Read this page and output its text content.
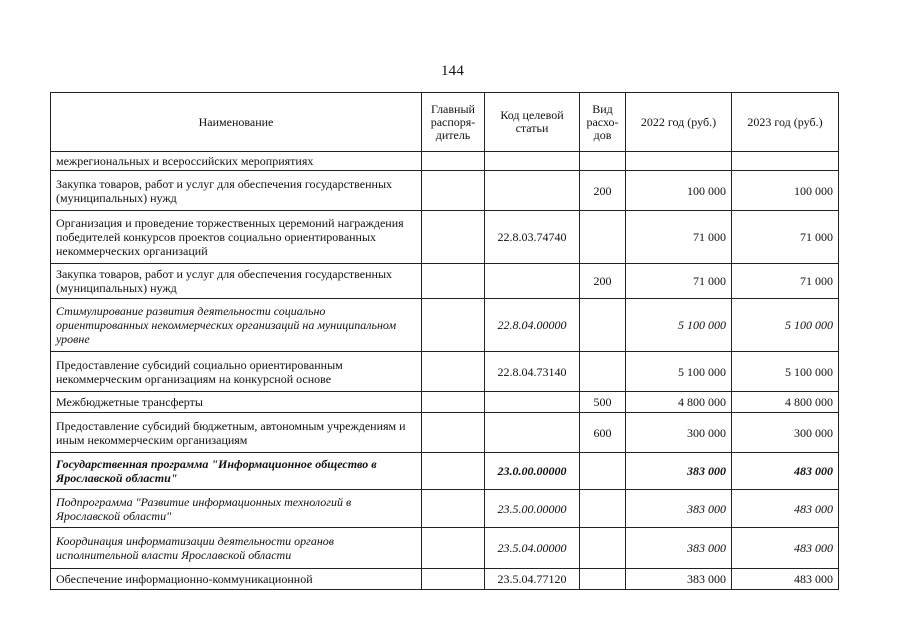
144
Наименование	Главный распоря-дитель	Код целевой статьи	Вид расхо-дов	2022 год (руб.)	2023 год (руб.)
межрегиональных и всероссийских мероприятиях					
Закупка товаров, работ и услуг для обеспечения государственных (муниципальных) нужд			200	100 000	100 000
Организация и проведение торжественных церемоний награждения победителей конкурсов проектов социально ориентированных некоммерческих организаций		22.8.03.74740		71 000	71 000
Закупка товаров, работ и услуг для обеспечения государственных (муниципальных) нужд			200	71 000	71 000
Стимулирование развития деятельности социально ориентированных некоммерческих организаций на муниципальном уровне		22.8.04.00000		5 100 000	5 100 000
Предоставление субсидий социально ориентированным некоммерческим организациям на конкурсной основе		22.8.04.73140		5 100 000	5 100 000
Межбюджетные трансферты			500	4 800 000	4 800 000
Предоставление субсидий бюджетным, автономным учреждениям и иным некоммерческим организациям			600	300 000	300 000
Государственная программа "Информационное общество в Ярославской области"		23.0.00.00000		383 000	483 000
Подпрограмма "Развитие информационных технологий в Ярославской области"		23.5.00.00000		383 000	483 000
Координация информатизации деятельности органов исполнительной власти Ярославской области		23.5.04.00000		383 000	483 000
Обеспечение информационно-коммуникационной		23.5.04.77120		383 000	483 000
